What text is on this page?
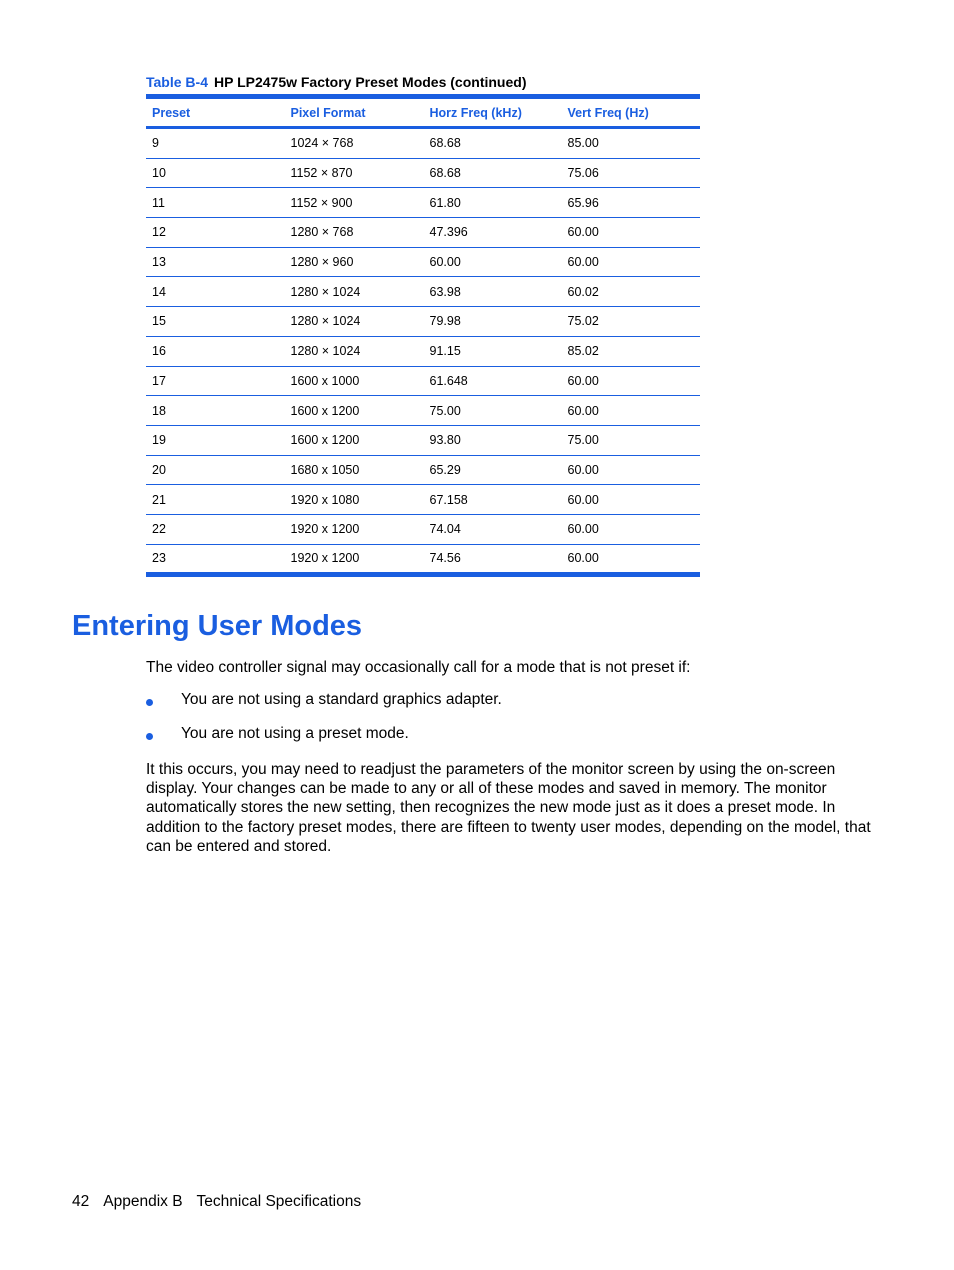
Table B-4 HP LP2475w Factory Preset Modes (continued)
Preset	Pixel Format	Horz Freq (kHz)	Vert Freq (Hz)
9	1024 × 768	68.68	85.00
10	1152 × 870	68.68	75.06
11	1152 × 900	61.80	65.96
12	1280 × 768	47.396	60.00
13	1280 × 960	60.00	60.00
14	1280 × 1024	63.98	60.02
15	1280 × 1024	79.98	75.02
16	1280 × 1024	91.15	85.02
17	1600 x 1000	61.648	60.00
18	1600 x 1200	75.00	60.00
19	1600 x 1200	93.80	75.00
20	1680 x 1050	65.29	60.00
21	1920 x 1080	67.158	60.00
22	1920 x 1200	74.04	60.00
23	1920 x 1200	74.56	60.00
Entering User Modes

The video controller signal may occasionally call for a mode that is not preset if:

You are not using a standard graphics adapter.
You are not using a preset mode.

It this occurs, you may need to readjust the parameters of the monitor screen by using the on-screen display. Your changes can be made to any or all of these modes and saved in memory. The monitor automatically stores the new setting, then recognizes the new mode just as it does a preset mode. In addition to the factory preset modes, there are fifteen to twenty user modes, depending on the model, that can be entered and stored.

42 Appendix B Technical Specifications
